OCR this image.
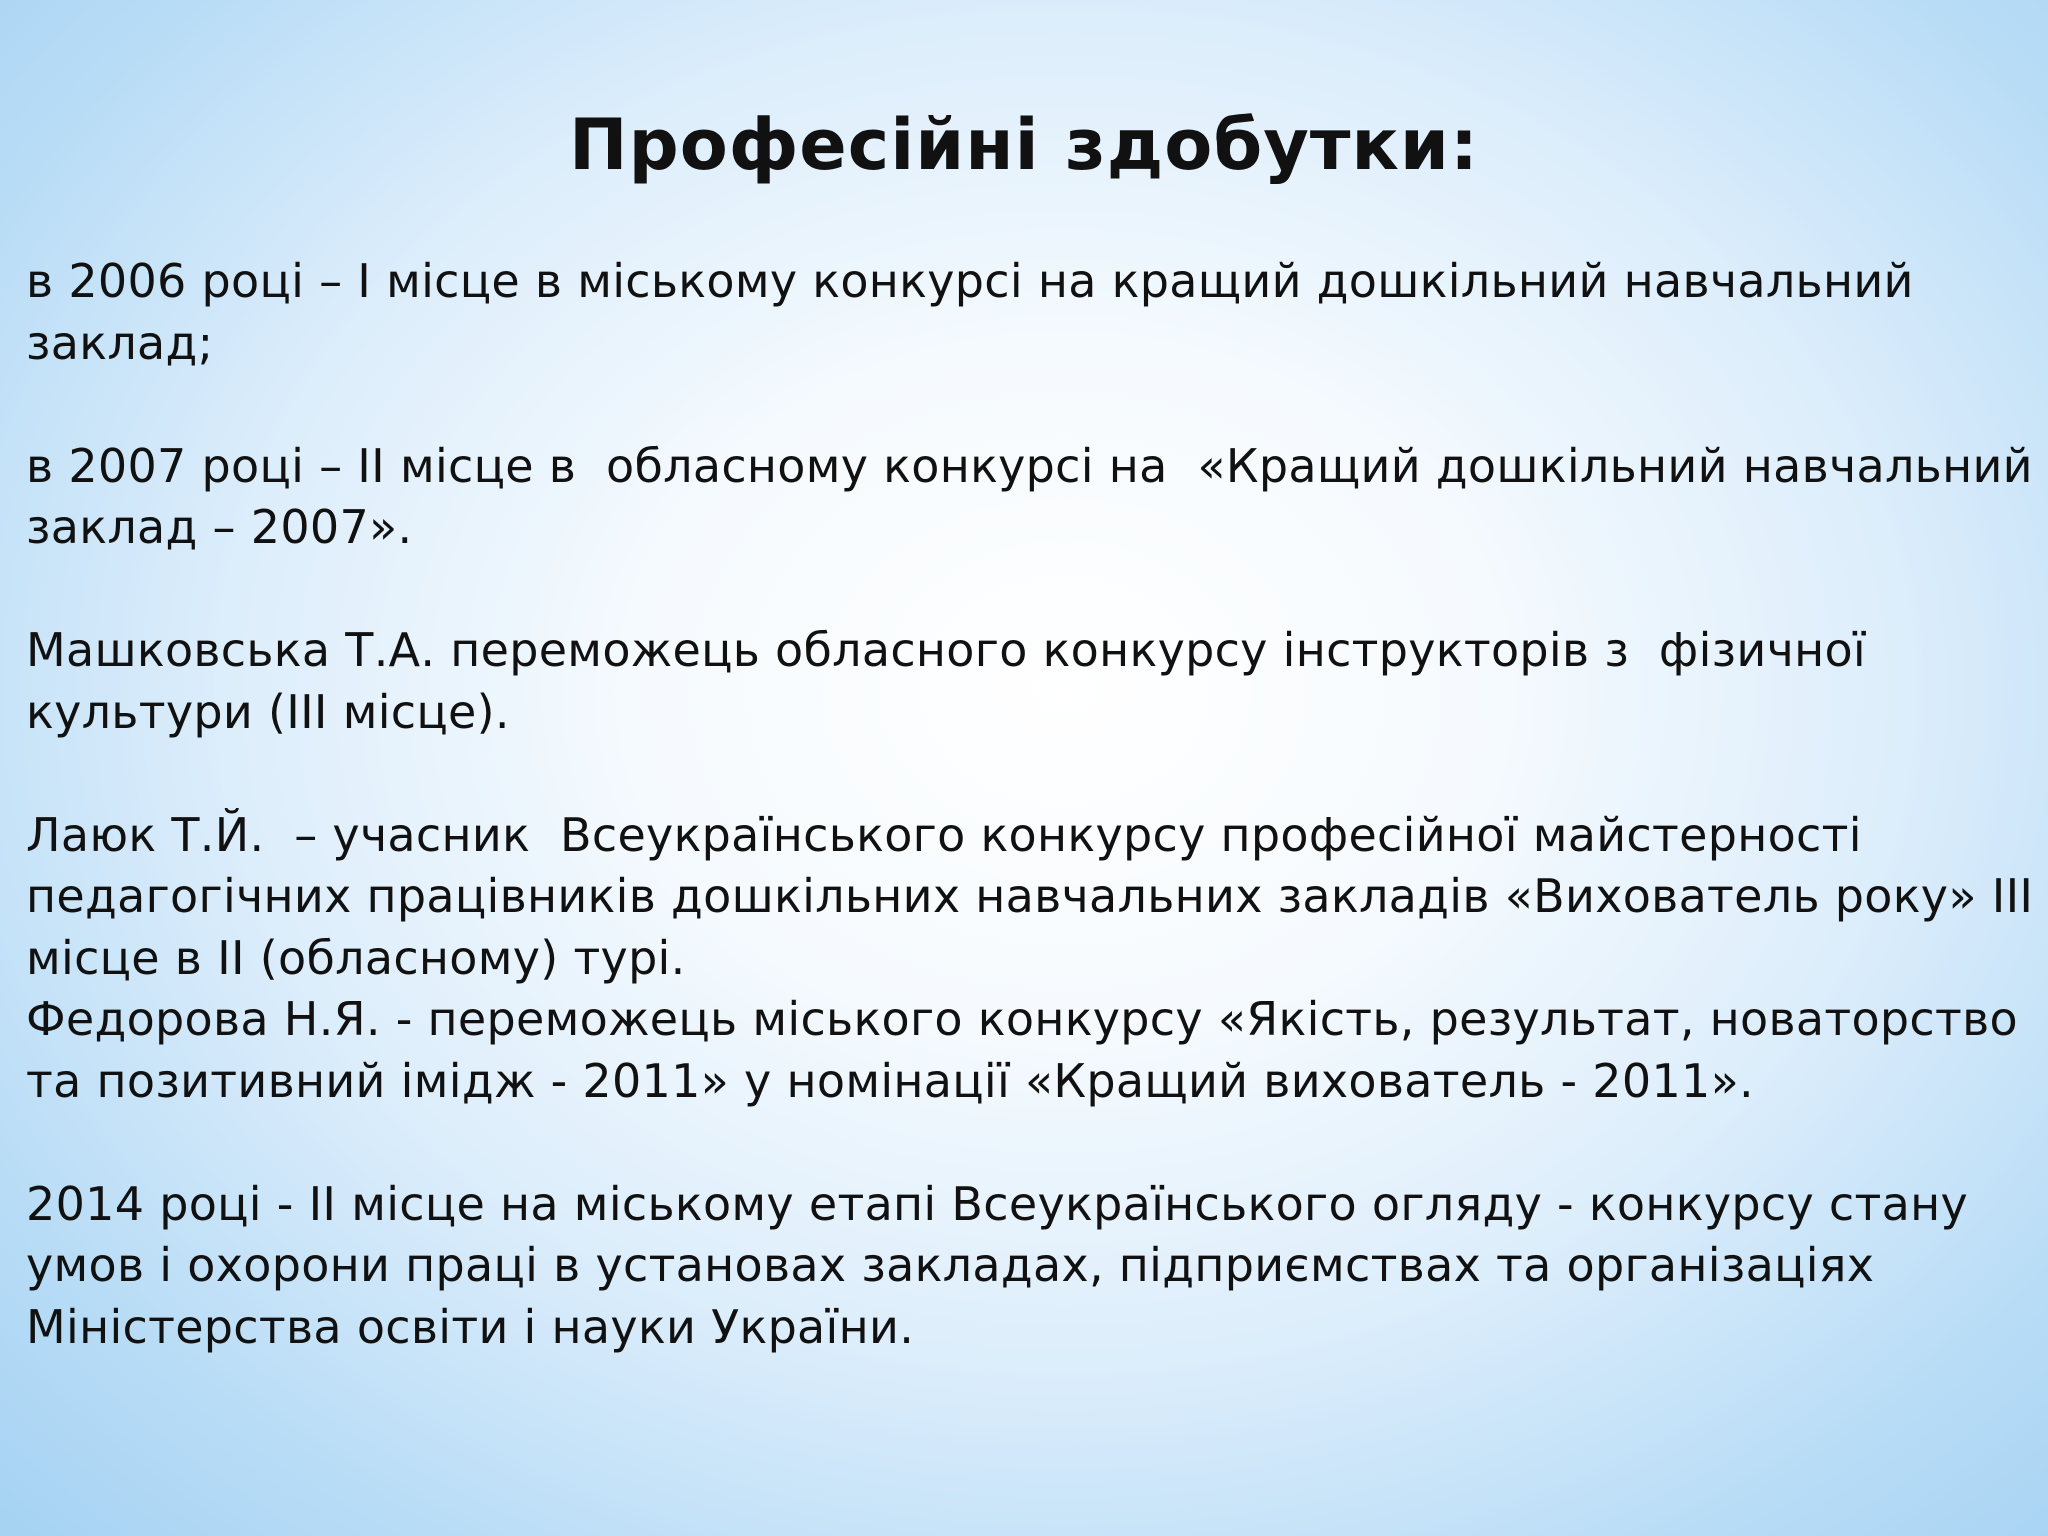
Професійні здобутки:

в 2006 році – І місце в міському конкурсі на кращий дошкільний навчальний
заклад;

в 2007 році – ІІ місце в  обласному конкурсі на  «Кращий дошкільний навчальний
заклад – 2007».

Машковська Т.А. переможець обласного конкурсу інструкторів з  фізичної
культури (ІІІ місце).

Лаюк Т.Й.  – учасник  Всеукраїнського конкурсу професійної майстерності
педагогічних працівників дошкільних навчальних закладів «Вихователь року» ІІІ
місце в ІІ (обласному) турі.

Федорова Н.Я. - переможець міського конкурсу «Якість, результат, новаторство
та позитивний імідж - 2011» у номінації «Кращий вихователь - 2011».

2014 році - ІІ місце на міському етапі Всеукраїнського огляду - конкурсу стану
умов і охорони праці в установах закладах, підприємствах та організаціях
Міністерства освіти і науки України.
